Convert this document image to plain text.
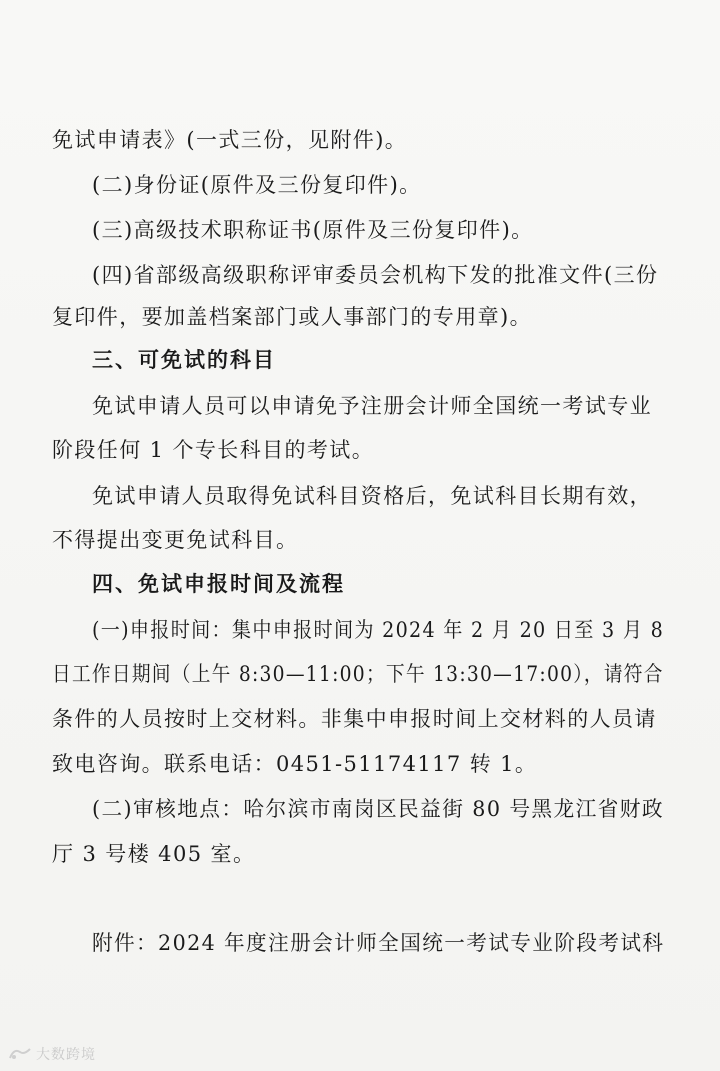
免试申请表》(一式三份，见附件)。
(二)身份证(原件及三份复印件)。
(三)高级技术职称证书(原件及三份复印件)。
(四)省部级高级职称评审委员会机构下发的批准文件(三份
复印件，要加盖档案部门或人事部门的专用章)。
三、可免试的科目
免试申请人员可以申请免予注册会计师全国统一考试专业
阶段任何 1 个专长科目的考试。
免试申请人员取得免试科目资格后，免试科目长期有效，
不得提出变更免试科目。
四、免试申报时间及流程
(一)申报时间：集中申报时间为 2024 年 2 月 20 日至 3 月 8
日工作日期间（上午 8:30—11:00；下午 13:30—17:00），请符合
条件的人员按时上交材料。非集中申报时间上交材料的人员请
致电咨询。联系电话：0451-51174117 转 1。
(二)审核地点：哈尔滨市南岗区民益街 80 号黑龙江省财政
厅 3 号楼 405 室。
附件：2024 年度注册会计师全国统一考试专业阶段考试科
大数跨境
